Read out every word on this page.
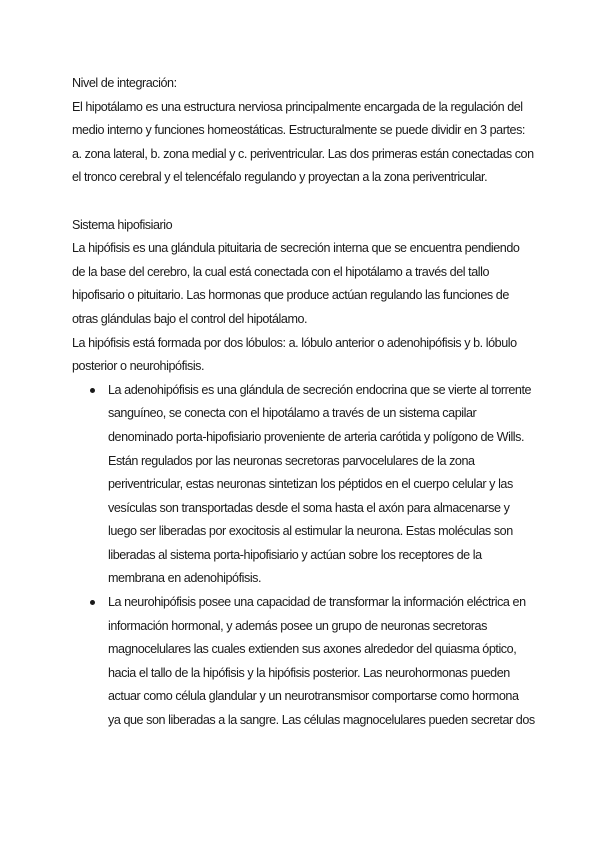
Nivel de integración:
El hipotálamo es una estructura nerviosa principalmente encargada de la regulación del
medio interno y funciones homeostáticas. Estructuralmente se puede dividir en 3 partes:
a. zona lateral, b. zona medial y c. periventricular. Las dos primeras están conectadas con
el tronco cerebral y el telencéfalo regulando y proyectan a la zona periventricular.
Sistema hipofisiario
La hipófisis es una glándula pituitaria de secreción interna que se encuentra pendiendo
de la base del cerebro, la cual está conectada con el hipotálamo a través del tallo
hipofisario o pituitario. Las hormonas que produce actúan regulando las funciones de
otras glándulas bajo el control del hipotálamo.
La hipófisis está formada por dos lóbulos: a. lóbulo anterior o adenohipófisis y b. lóbulo
posterior o neurohipófisis.
La adenohipófisis es una glándula de secreción endocrina que se vierte al torrente
sanguíneo, se conecta con el hipotálamo a través de un sistema capilar
denominado porta-hipofisiario proveniente de arteria carótida y polígono de Wills.
Están regulados por las neuronas secretoras parvocelulares de la zona
periventricular, estas neuronas sintetizan los péptidos en el cuerpo celular y las
vesículas son transportadas desde el soma hasta el axón para almacenarse y
luego ser liberadas por exocitosis al estimular la neurona. Estas moléculas son
liberadas al sistema porta-hipofisiario y actúan sobre los receptores de la
membrana en adenohipófisis.
La neurohipófisis posee una capacidad de transformar la información eléctrica en
información hormonal, y además posee un grupo de neuronas secretoras
magnocelulares las cuales extienden sus axones alrededor del quiasma óptico,
hacia el tallo de la hipófisis y la hipófisis posterior. Las neurohormonas pueden
actuar como célula glandular y un neurotransmisor comportarse como hormona
ya que son liberadas a la sangre. Las células magnocelulares pueden secretar dos
